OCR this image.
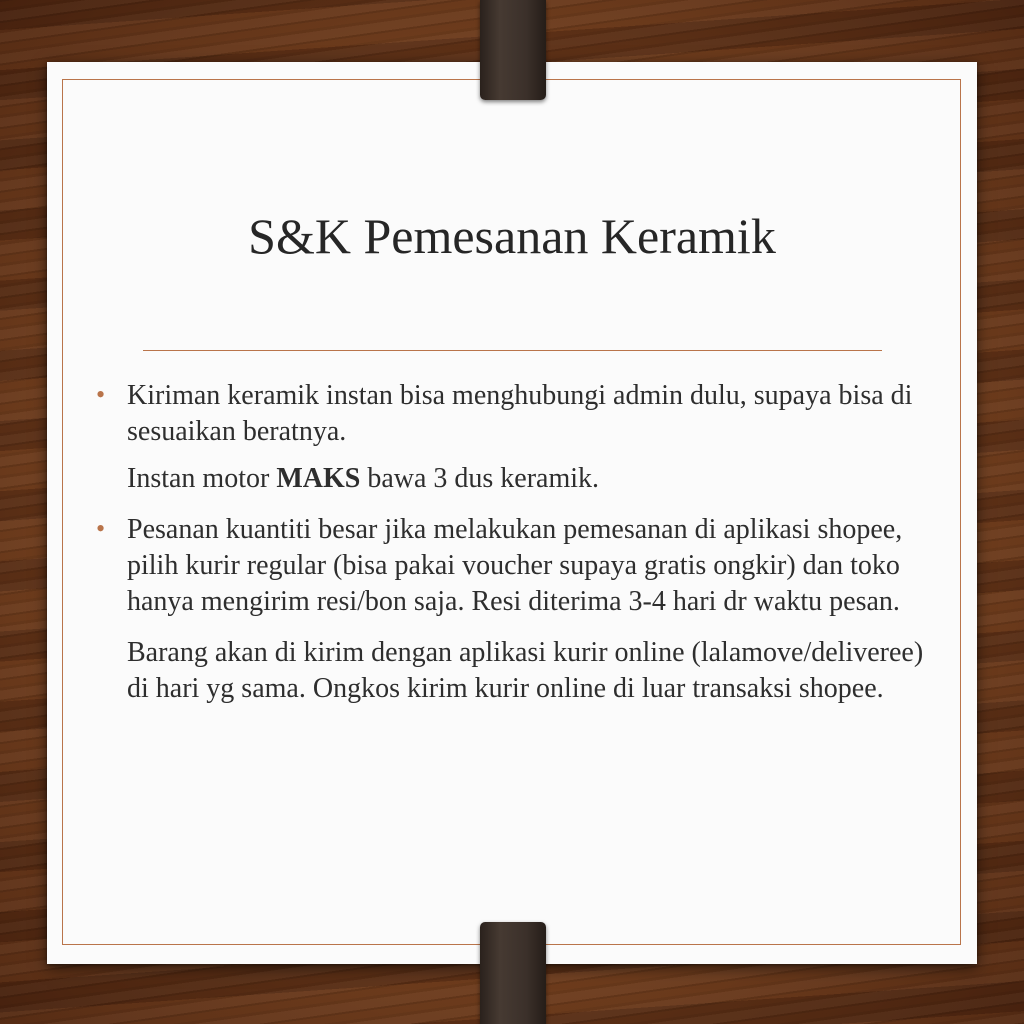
S&K Pemesanan Keramik
• Kiriman keramik instan bisa menghubungi admin dulu, supaya bisa di sesuaikan beratnya.

Instan motor MAKS bawa 3 dus keramik.

• Pesanan kuantiti besar jika melakukan pemesanan di aplikasi shopee, pilih kurir regular (bisa pakai voucher supaya gratis ongkir) dan toko hanya mengirim resi/bon saja. Resi diterima 3-4 hari dr waktu pesan.

Barang akan di kirim dengan aplikasi kurir online (lalamove/deliveree) di hari yg sama. Ongkos kirim kurir online di luar transaksi shopee.
